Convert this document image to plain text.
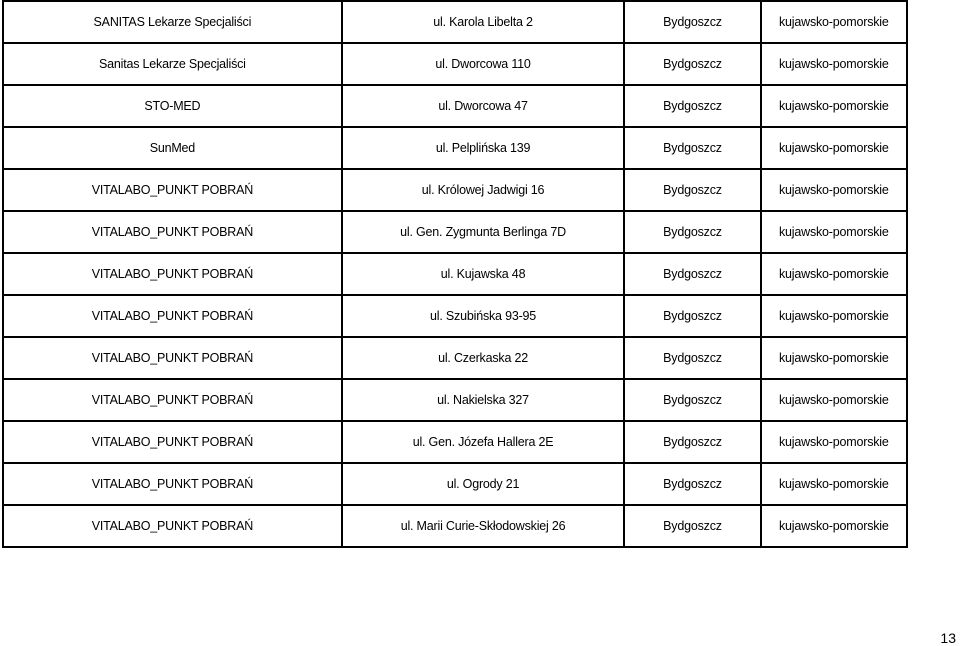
SANITAS Lekarze Specjaliści	ul. Karola Libelta 2	Bydgoszcz	kujawsko-pomorskie
Sanitas Lekarze Specjaliści	ul. Dworcowa 110	Bydgoszcz	kujawsko-pomorskie
STO-MED	ul. Dworcowa 47	Bydgoszcz	kujawsko-pomorskie
SunMed	ul. Pelplińska 139	Bydgoszcz	kujawsko-pomorskie
VITALABO_PUNKT POBRAŃ	ul. Królowej Jadwigi 16	Bydgoszcz	kujawsko-pomorskie
VITALABO_PUNKT POBRAŃ	ul. Gen. Zygmunta Berlinga 7D	Bydgoszcz	kujawsko-pomorskie
VITALABO_PUNKT POBRAŃ	ul. Kujawska 48	Bydgoszcz	kujawsko-pomorskie
VITALABO_PUNKT POBRAŃ	ul. Szubińska 93-95	Bydgoszcz	kujawsko-pomorskie
VITALABO_PUNKT POBRAŃ	ul. Czerkaska 22	Bydgoszcz	kujawsko-pomorskie
VITALABO_PUNKT POBRAŃ	ul. Nakielska 327	Bydgoszcz	kujawsko-pomorskie
VITALABO_PUNKT POBRAŃ	ul. Gen. Józefa Hallera 2E	Bydgoszcz	kujawsko-pomorskie
VITALABO_PUNKT POBRAŃ	ul. Ogrody 21	Bydgoszcz	kujawsko-pomorskie
VITALABO_PUNKT POBRAŃ	ul. Marii Curie-Skłodowskiej 26	Bydgoszcz	kujawsko-pomorskie
13
